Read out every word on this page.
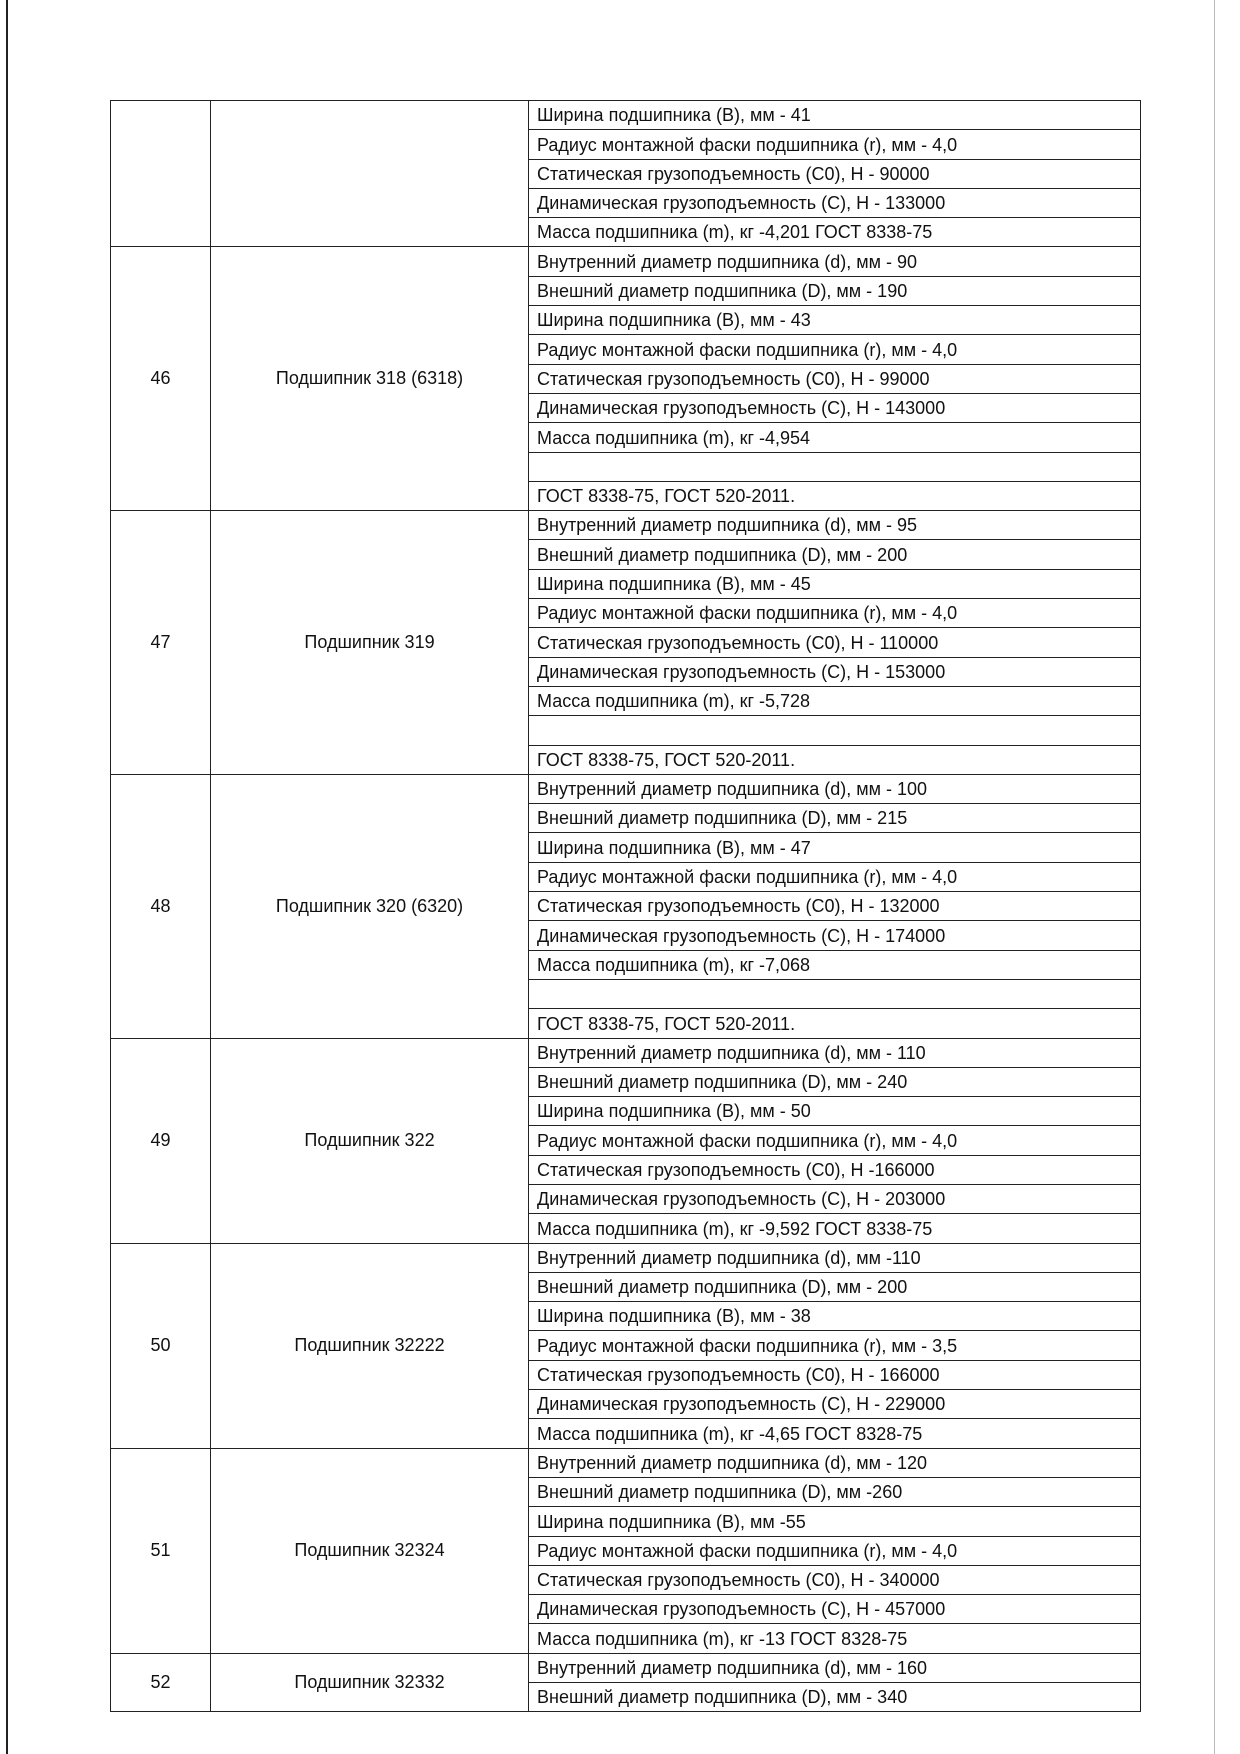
		Ширина подшипника (B), мм - 41
		Радиус монтажной фаски подшипника (r), мм - 4,0
		Статическая грузоподъемность (C0), Н - 90000
		Динамическая грузоподъемность (C), Н - 133000
		Масса подшипника (m), кг -4,201 ГОСТ 8338-75
46	Подшипник 318 (6318)	Внутренний диаметр подшипника (d), мм - 90
		Внешний диаметр подшипника (D), мм - 190
		Ширина подшипника (B), мм - 43
		Радиус монтажной фаски подшипника (r), мм - 4,0
		Статическая грузоподъемность (C0), Н - 99000
		Динамическая грузоподъемность (C), Н - 143000
		Масса подшипника (m), кг -4,954

		ГОСТ 8338-75, ГОСТ 520-2011.
47	Подшипник 319	Внутренний диаметр подшипника (d), мм - 95
		Внешний диаметр подшипника (D), мм - 200
		Ширина подшипника (B), мм - 45
		Радиус монтажной фаски подшипника (r), мм - 4,0
		Статическая грузоподъемность (C0), Н - 110000
		Динамическая грузоподъемность (C), Н - 153000
		Масса подшипника (m), кг -5,728

		ГОСТ 8338-75, ГОСТ 520-2011.
48	Подшипник 320 (6320)	Внутренний диаметр подшипника (d), мм - 100
		Внешний диаметр подшипника (D), мм - 215
		Ширина подшипника (B), мм - 47
		Радиус монтажной фаски подшипника (r), мм - 4,0
		Статическая грузоподъемность (C0), Н - 132000
		Динамическая грузоподъемность (C), Н - 174000
		Масса подшипника (m), кг -7,068

		ГОСТ 8338-75, ГОСТ 520-2011.
49	Подшипник 322	Внутренний диаметр подшипника (d), мм - 110
		Внешний диаметр подшипника (D), мм - 240
		Ширина подшипника (B), мм - 50
		Радиус монтажной фаски подшипника (r), мм - 4,0
		Статическая грузоподъемность (C0), Н -166000
		Динамическая грузоподъемность (C), Н - 203000
		Масса подшипника (m), кг -9,592 ГОСТ 8338-75
50	Подшипник 32222	Внутренний диаметр подшипника (d), мм -110
		Внешний диаметр подшипника (D), мм - 200
		Ширина подшипника (B), мм - 38
		Радиус монтажной фаски подшипника (r), мм - 3,5
		Статическая грузоподъемность (C0), Н - 166000
		Динамическая грузоподъемность (C), Н - 229000
		Масса подшипника (m), кг -4,65 ГОСТ 8328-75
51	Подшипник 32324	Внутренний диаметр подшипника (d), мм - 120
		Внешний диаметр подшипника (D), мм -260
		Ширина подшипника (B), мм -55
		Радиус монтажной фаски подшипника (r), мм - 4,0
		Статическая грузоподъемность (C0), Н - 340000
		Динамическая грузоподъемность (C), Н - 457000
		Масса подшипника (m), кг -13 ГОСТ 8328-75
52	Подшипник 32332	Внутренний диаметр подшипника (d), мм - 160
		Внешний диаметр подшипника (D), мм - 340
